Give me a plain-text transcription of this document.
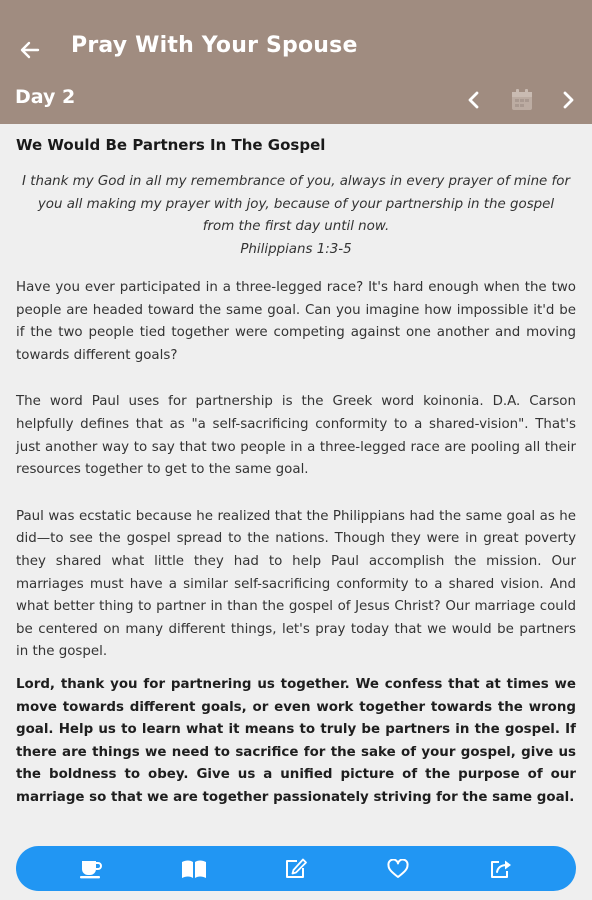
Pray With Your Spouse
Day 2
We Would Be Partners In The Gospel
I thank my God in all my remembrance of you, always in every prayer of mine for you all making my prayer with joy, because of your partnership in the gospel from the first day until now.
Philippians 1:3-5

Have you ever participated in a three-legged race? It's hard enough when the two people are headed toward the same goal. Can you imagine how impossible it'd be if the two people tied together were competing against one another and moving towards different goals?

The word Paul uses for partnership is the Greek word koinonia. D.A. Carson helpfully defines that as "a self-sacrificing conformity to a shared-vision". That's just another way to say that two people in a three-legged race are pooling all their resources together to get to the same goal.

Paul was ecstatic because he realized that the Philippians had the same goal as he did—to see the gospel spread to the nations. Though they were in great poverty they shared what little they had to help Paul accomplish the mission. Our marriages must have a similar self-sacrificing conformity to a shared vision. And what better thing to partner in than the gospel of Jesus Christ? Our marriage could be centered on many different things, let's pray today that we would be partners in the gospel.

Lord, thank you for partnering us together. We confess that at times we move towards different goals, or even work together towards the wrong goal. Help us to learn what it means to truly be partners in the gospel. If there are things we need to sacrifice for the sake of your gospel, give us the boldness to obey. Give us a unified picture of the purpose of our marriage so that we are together passionately striving for the same goal.
